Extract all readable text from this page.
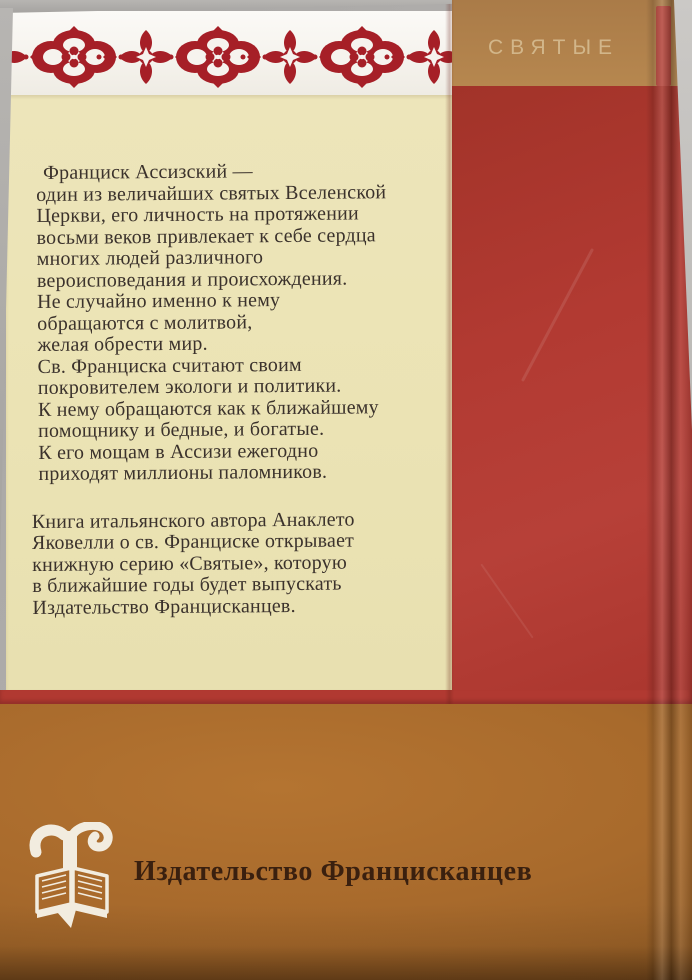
СВЯТЫЕ
Франциск Ассизский —
один из величайших святых Вселенской
Церкви, его личность на протяжении
восьми веков привлекает к себе сердца
многих людей различного
вероисповедания и происхождения.
Не случайно именно к нему
обращаются с молитвой,
желая обрести мир.
Св. Франциска считают своим
покровителем экологи и политики.
К нему обращаются как к ближайшему
помощнику и бедные, и богатые.
К его мощам в Ассизи ежегодно
приходят миллионы паломников.
Книга итальянского автора Анаклето
Яковелли о св. Франциске открывает
книжную серию «Святые», которую
в ближайшие годы будет выпускать
Издательство Францисканцев.
Издательство Францисканцев
